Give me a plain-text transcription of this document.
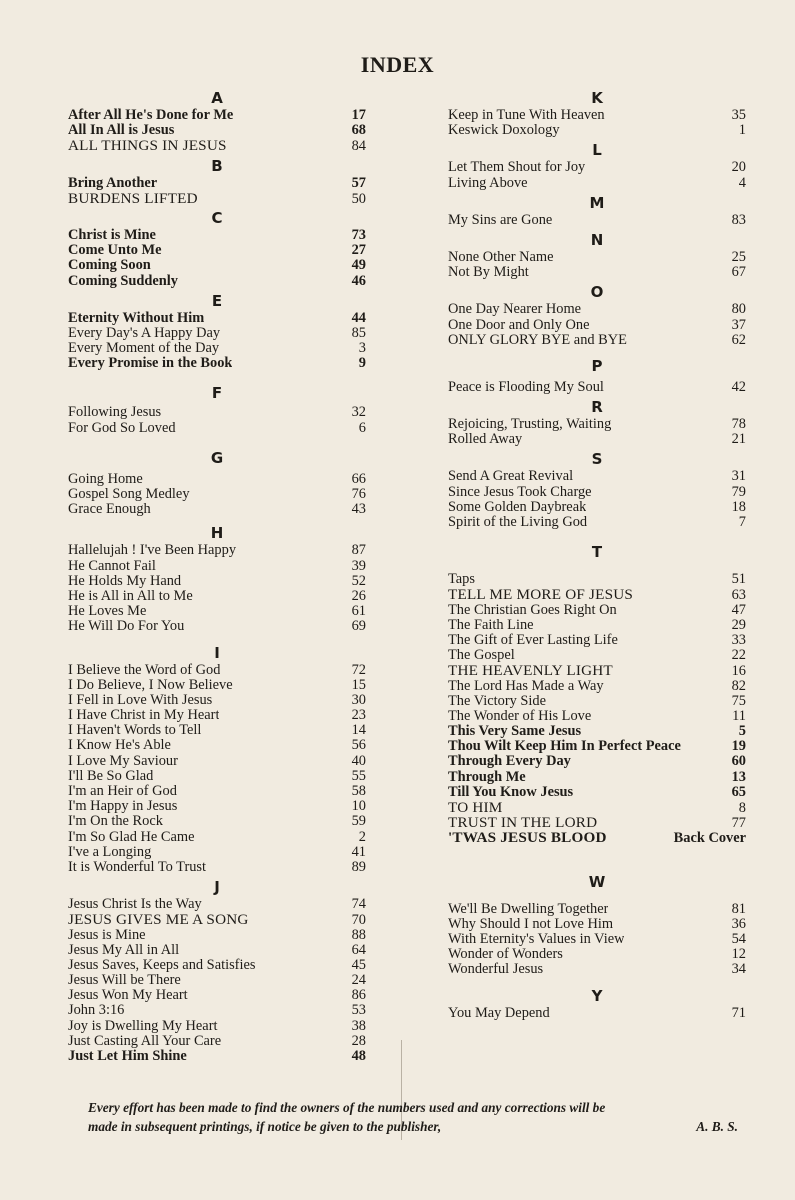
INDEX
A
After All He's Done for Me	17
All In All is Jesus	68
ALL THINGS IN JESUS	84
B
Bring Another	57
BURDENS LIFTED	50
C
Christ is Mine	73
Come Unto Me	27
Coming Soon	49
Coming Suddenly	46
E
Eternity Without Him	44
Every Day's A Happy Day	85
Every Moment of the Day	3
Every Promise in the Book	9
F
Following Jesus	32
For God So Loved	6
G
Going Home	66
Gospel Song Medley	76
Grace Enough	43
H
Hallelujah ! I've Been Happy	87
He Cannot Fail	39
He Holds My Hand	52
He is All in All to Me	26
He Loves Me	61
He Will Do For You	69
I
I Believe the Word of God	72
I Do Believe, I Now Believe	15
I Fell in Love With Jesus	30
I Have Christ in My Heart	23
I Haven't Words to Tell	14
I Know He's Able	56
I Love My Saviour	40
I'll Be So Glad	55
I'm an Heir of God	58
I'm Happy in Jesus	10
I'm On the Rock	59
I'm So Glad He Came	2
I've a Longing	41
It is Wonderful To Trust	89
J
Jesus Christ Is the Way	74
JESUS GIVES ME A SONG	70
Jesus is Mine	88
Jesus My All in All	64
Jesus Saves, Keeps and Satisfies	45
Jesus Will be There	24
Jesus Won My Heart	86
John 3:16	53
Joy is Dwelling My Heart	38
Just Casting All Your Care	28
Just Let Him Shine	48
K
Keep in Tune With Heaven	35
Keswick Doxology	1
L
Let Them Shout for Joy	20
Living Above	4
M
My Sins are Gone	83
N
None Other Name	25
Not By Might	67
O
One Day Nearer Home	80
One Door and Only One	37
ONLY GLORY BYE and BYE	62
P
Peace is Flooding My Soul	42
R
Rejoicing, Trusting, Waiting	78
Rolled Away	21
S
Send A Great Revival	31
Since Jesus Took Charge	79
Some Golden Daybreak	18
Spirit of the Living God	7
T
Taps	51
TELL ME MORE OF JESUS	63
The Christian Goes Right On	47
The Faith Line	29
The Gift of Ever Lasting Life	33
The Gospel	22
THE HEAVENLY LIGHT	16
The Lord Has Made a Way	82
The Victory Side	75
The Wonder of His Love	11
This Very Same Jesus	5
Thou Wilt Keep Him In Perfect Peace	19
Through Every Day	60
Through Me	13
Till You Know Jesus	65
TO HIM	8
TRUST IN THE LORD	77
'TWAS JESUS BLOOD	Back Cover
W
We'll Be Dwelling Together	81
Why Should I not Love Him	36
With Eternity's Values in View	54
Wonder of Wonders	12
Wonderful Jesus	34
Y
You May Depend	71
Every effort has been made to find the owners of the numbers used and any corrections will be
made in subsequent printings, if notice be given to the publisher,	A. B. S.
